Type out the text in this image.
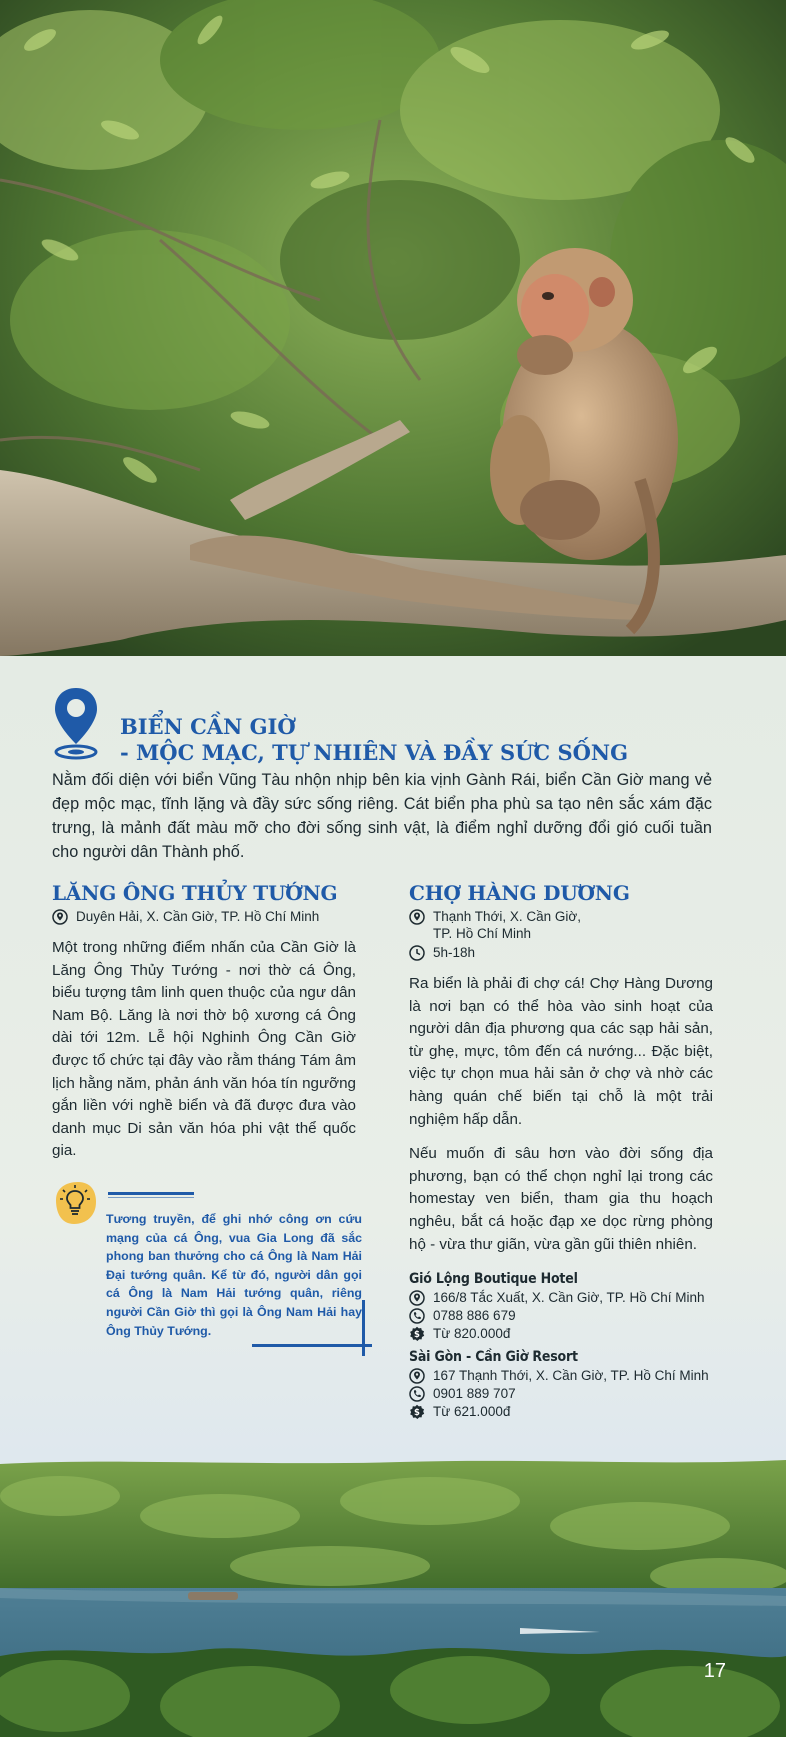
BIỂN CẦN GIỜ
- MỘC MẠC, TỰ NHIÊN VÀ ĐẦY SỨC SỐNG

Nằm đối diện với biển Vũng Tàu nhộn nhịp bên kia vịnh Gành Rái, biển Cần Giờ mang vẻ đẹp mộc mạc, tĩnh lặng và đầy sức sống riêng. Cát biển pha phù sa tạo nên sắc xám đặc trưng, là mảnh đất màu mỡ cho đời sống sinh vật, là điểm nghỉ dưỡng đổi gió cuối tuần cho người dân Thành phố.

LĂNG ÔNG THỦY TƯỚNG
Duyên Hải, X. Cần Giờ, TP. Hồ Chí Minh

Một trong những điểm nhấn của Cần Giờ là Lăng Ông Thủy Tướng - nơi thờ cá Ông, biểu tượng tâm linh quen thuộc của ngư dân Nam Bộ. Lăng là nơi thờ bộ xương cá Ông dài tới 12m. Lễ hội Nghinh Ông Cần Giờ được tổ chức tại đây vào rằm tháng Tám âm lịch hằng năm, phản ánh văn hóa tín ngưỡng gắn liền với nghề biển và đã được đưa vào danh mục Di sản văn hóa phi vật thể quốc gia.

Tương truyền, để ghi nhớ công ơn cứu mạng của cá Ông, vua Gia Long đã sắc phong ban thưởng cho cá Ông là Nam Hải Đại tướng quân. Kể từ đó, người dân gọi cá Ông là Nam Hải tướng quân, riêng người Cần Giờ thì gọi là Ông Nam Hải hay Ông Thủy Tướng.

CHỢ HÀNG DƯƠNG
Thạnh Thới, X. Cần Giờ,
TP. Hồ Chí Minh
5h-18h

Ra biển là phải đi chợ cá! Chợ Hàng Dương là nơi bạn có thể hòa vào sinh hoạt của người dân địa phương qua các sạp hải sản, từ ghẹ, mực, tôm đến cá nướng... Đặc biệt, việc tự chọn mua hải sản ở chợ và nhờ các hàng quán chế biến tại chỗ là một trải nghiệm hấp dẫn.

Nếu muốn đi sâu hơn vào đời sống địa phương, bạn có thể chọn nghỉ lại trong các homestay ven biển, tham gia thu hoạch nghêu, bắt cá hoặc đạp xe dọc rừng phòng hộ - vừa thư giãn, vừa gần gũi thiên nhiên.

Gió Lộng Boutique Hotel
166/8 Tắc Xuất, X. Cần Giờ, TP. Hồ Chí Minh
0788 886 679
$ Từ 820.000đ
Sài Gòn - Cần Giờ Resort
167 Thạnh Thới, X. Cần Giờ, TP. Hồ Chí Minh
0901 889 707
$ Từ 621.000đ
17
